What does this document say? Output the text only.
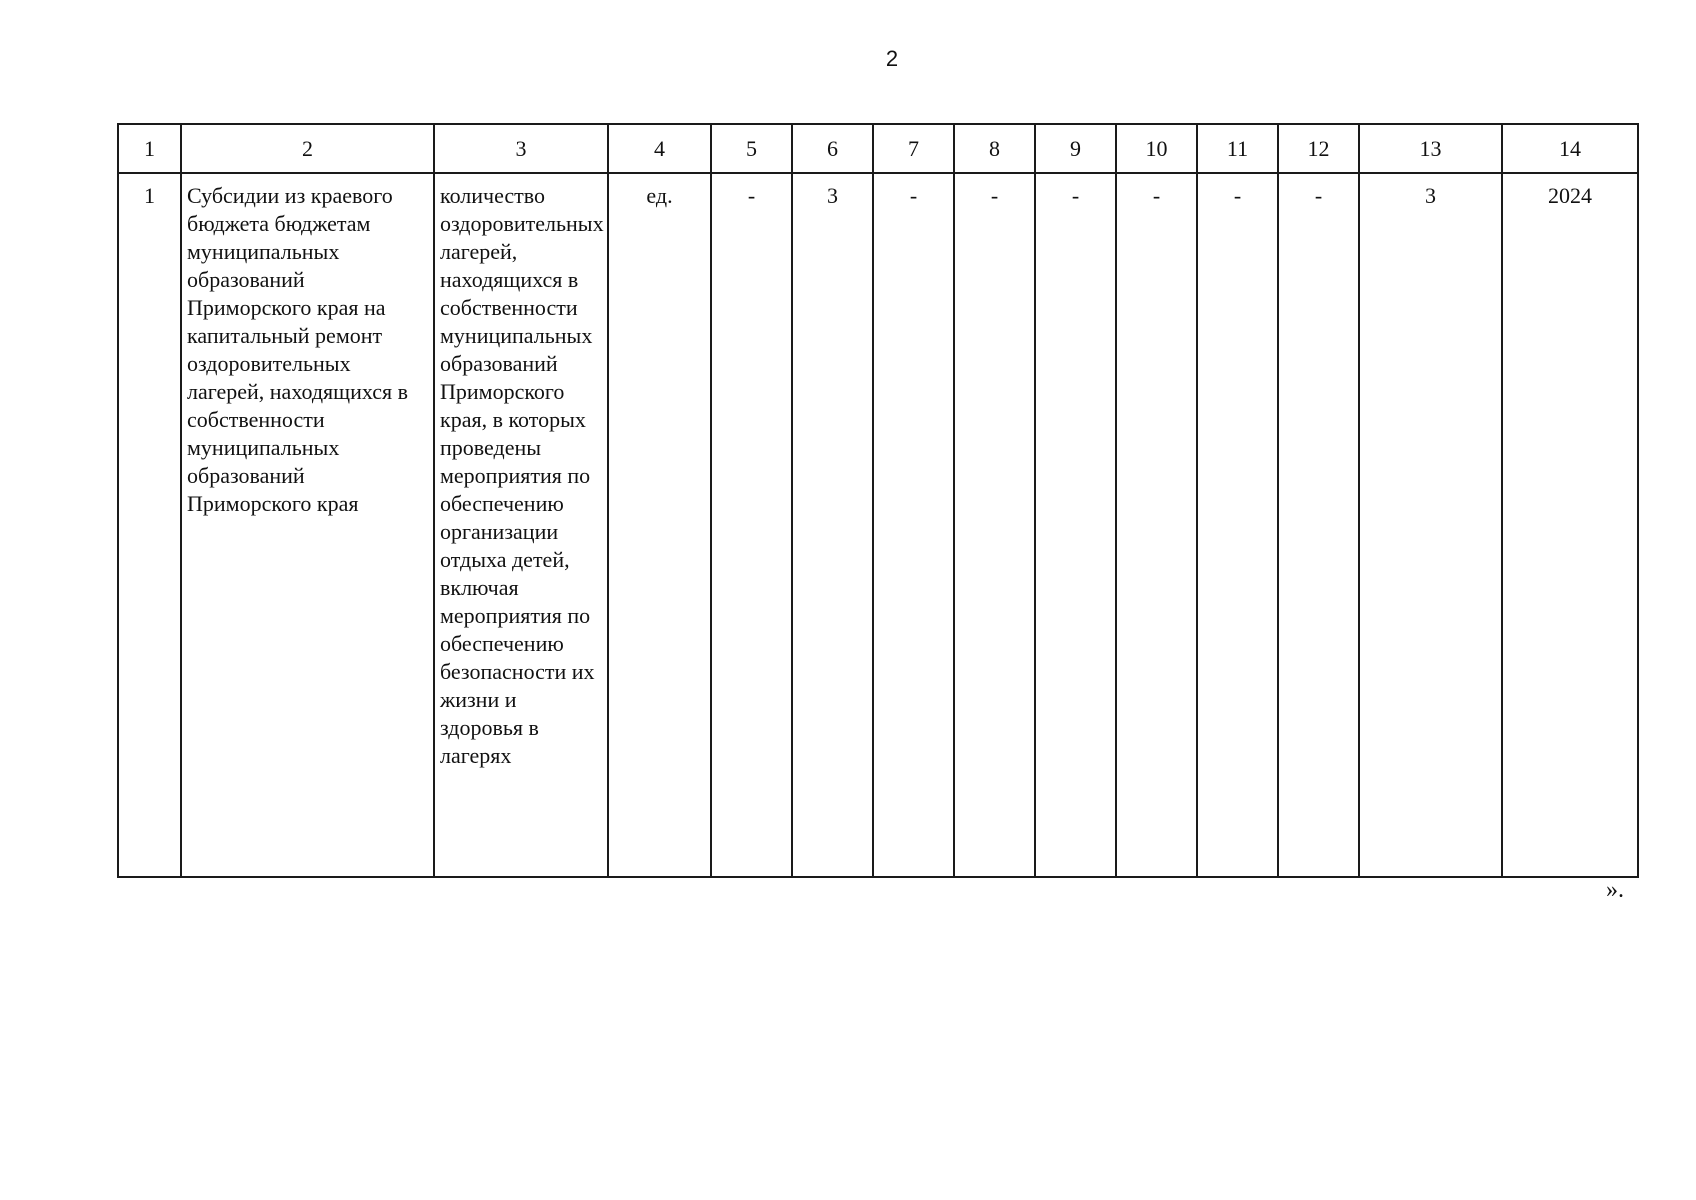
2
1	2	3	4	5	6	7	8	9	10	11	12	13	14
1	Субсидии из краевого бюджета бюджетам муниципальных образований Приморского края на капитальный ремонт оздоровительных лагерей, находящихся в собственности муниципальных образований Приморского края	количество оздоровительных лагерей, находящихся в собственности муниципальных образований Приморского края, в которых проведены мероприятия по обеспечению организации отдыха детей, включая мероприятия по обеспечению безопасности их жизни и здоровья в лагерях	ед.	-	3	-	-	-	-	-	-	3	2024
».
